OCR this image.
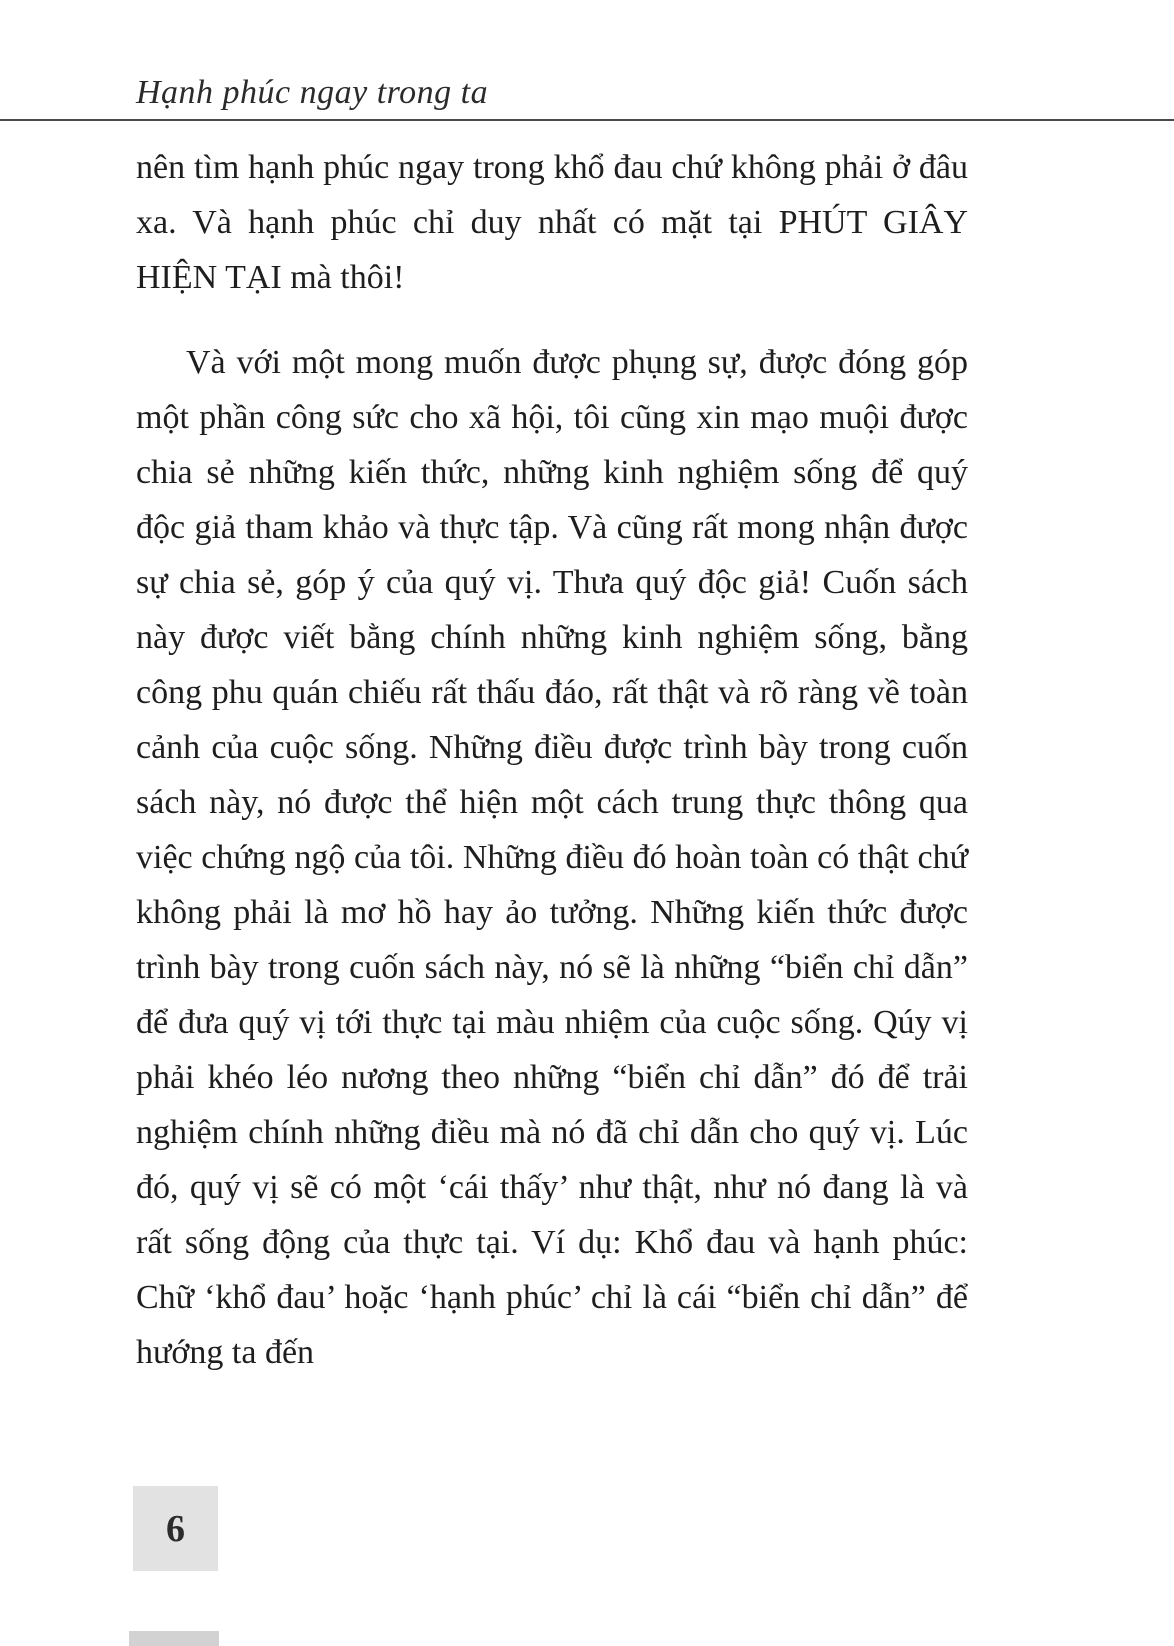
Hạnh phúc ngay trong ta

nên tìm hạnh phúc ngay trong khổ đau chứ không phải ở đâu xa. Và hạnh phúc chỉ duy nhất có mặt tại PHÚT GIÂY HIỆN TẠI mà thôi!

Và với một mong muốn được phụng sự, được đóng góp một phần công sức cho xã hội, tôi cũng xin mạo muội được chia sẻ những kiến thức, những kinh nghiệm sống để quý độc giả tham khảo và thực tập. Và cũng rất mong nhận được sự chia sẻ, góp ý của quý vị. Thưa quý độc giả! Cuốn sách này được viết bằng chính những kinh nghiệm sống, bằng công phu quán chiếu rất thấu đáo, rất thật và rõ ràng về toàn cảnh của cuộc sống. Những điều được trình bày trong cuốn sách này, nó được thể hiện một cách trung thực thông qua việc chứng ngộ của tôi. Những điều đó hoàn toàn có thật chứ không phải là mơ hồ hay ảo tưởng. Những kiến thức được trình bày trong cuốn sách này, nó sẽ là những “biển chỉ dẫn” để đưa quý vị tới thực tại màu nhiệm của cuộc sống. Qúy vị phải khéo léo nương theo những “biển chỉ dẫn” đó để trải nghiệm chính những điều mà nó đã chỉ dẫn cho quý vị. Lúc đó, quý vị sẽ có một ‘cái thấy’ như thật, như nó đang là và rất sống động của thực tại. Ví dụ: Khổ đau và hạnh phúc: Chữ ‘khổ đau’ hoặc ‘hạnh phúc’ chỉ là cái “biển chỉ dẫn” để hướng ta đến

6
